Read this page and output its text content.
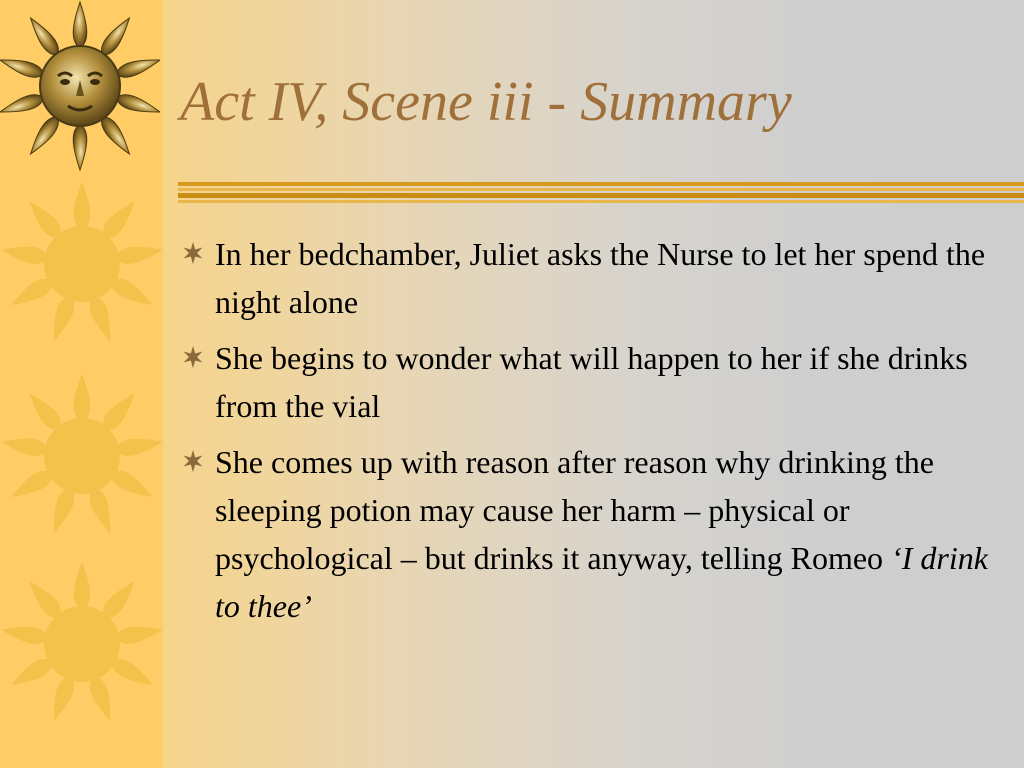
Act IV, Scene iii - Summary
In her bedchamber, Juliet asks the Nurse to let her spend the night alone
She begins to wonder what will happen to her if she drinks from the vial
She comes up with reason after reason why drinking the sleeping potion may cause her harm – physical or psychological – but drinks it anyway, telling Romeo ‘I drink to thee’
